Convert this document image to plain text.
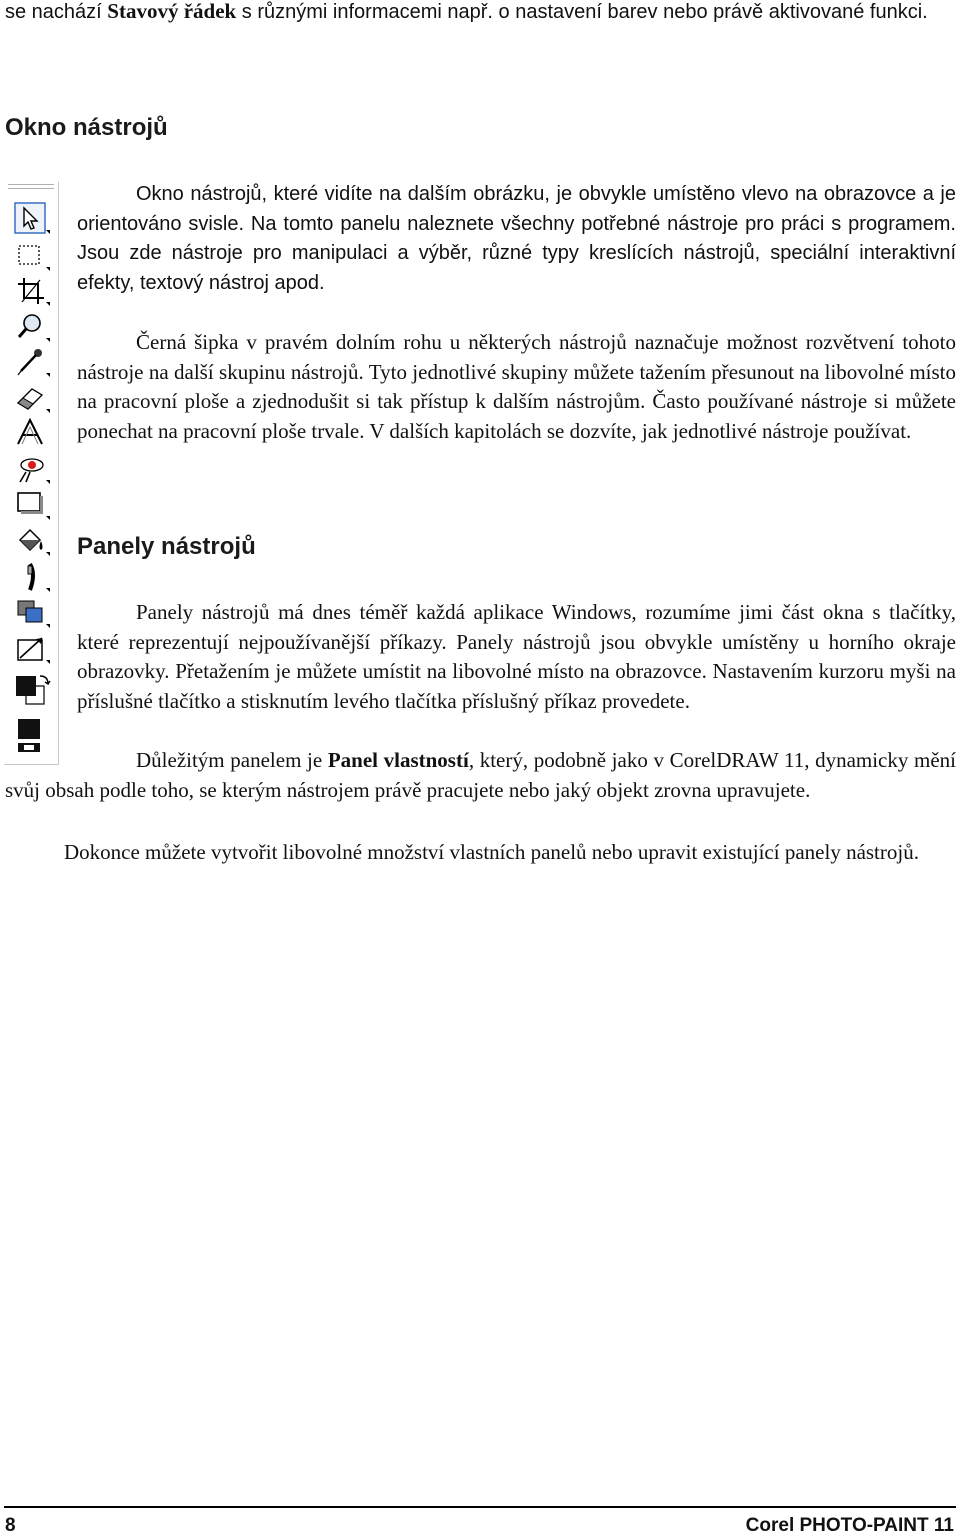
se nachází Stavový řádek s různými informacemi např. o nastavení barev nebo právě aktivované funkci.

Okno nástrojů

Okno nástrojů, které vidíte na dalším obrázku, je obvykle umístěno vlevo na obrazovce a je orientováno svisle. Na tomto panelu naleznete všechny potřebné nástroje pro práci s programem. Jsou zde nástroje pro manipulaci a výběr, různé typy kreslících nástrojů, speciální interaktivní efekty, textový nástroj apod.

Černá šipka v pravém dolním rohu u některých nástrojů naznačuje možnost rozvětvení tohoto nástroje na další skupinu nástrojů. Tyto jednotlivé skupiny můžete tažením přesunout na libovolné místo na pracovní ploše a zjednodušit si tak přístup k dalším nástrojům. Často používané nástroje si můžete ponechat na pracovní ploše trvale. V dalších kapitolách se dozvíte, jak jednotlivé nástroje používat.

Panely nástrojů

Panely nástrojů má dnes téměř každá aplikace Windows, rozumíme jimi část okna s tlačítky, které reprezentují nejpoužívanější příkazy. Panely nástrojů jsou obvykle umístěny u horního okraje obrazovky. Přetažením je můžete umístit na libovolné místo na obrazovce. Nastavením kurzoru myši na příslušné tlačítko a stisknutím levého tlačítka příslušný příkaz provedete.

Důležitým panelem je Panel vlastností, který, podobně jako v CorelDRAW 11, dynamicky mění svůj obsah podle toho, se kterým nástrojem právě pracujete nebo jaký objekt zrovna upravujete.

Dokonce můžete vytvořit libovolné množství vlastních panelů nebo upravit existující panely nástrojů.

8	Corel PHOTO-PAINT 11
